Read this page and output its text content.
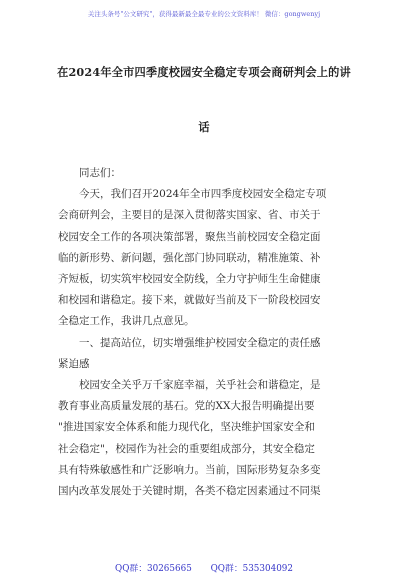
关注头条号"公文研究"，获得最新最全最专业的公文资料库！ 微信：gongwenyj
在2024年全市四季度校园安全稳定专项会商研判会上的讲
话

同志们：

今天，我们召开2024年全市四季度校园安全稳定专项

会商研判会，主要目的是深入贯彻落实国家、省、市关于

校园安全工作的各项决策部署，聚焦当前校园安全稳定面

临的新形势、新问题，强化部门协同联动，精准施策、补

齐短板，切实筑牢校园安全防线，全力守护师生生命健康

和校园和谐稳定。接下来，就做好当前及下一阶段校园安

全稳定工作，我讲几点意见。

一、提高站位，切实增强维护校园安全稳定的责任感

紧迫感

校园安全关乎万千家庭幸福，关乎社会和谐稳定，是

教育事业高质量发展的基石。党的XX大报告明确提出要

"推进国家安全体系和能力现代化，坚决维护国家安全和

社会稳定"，校园作为社会的重要组成部分，其安全稳定

具有特殊敏感性和广泛影响力。当前，国际形势复杂多变

国内改革发展处于关键时期，各类不稳定因素通过不同渠

QQ群：30265665 QQ群：535304092
